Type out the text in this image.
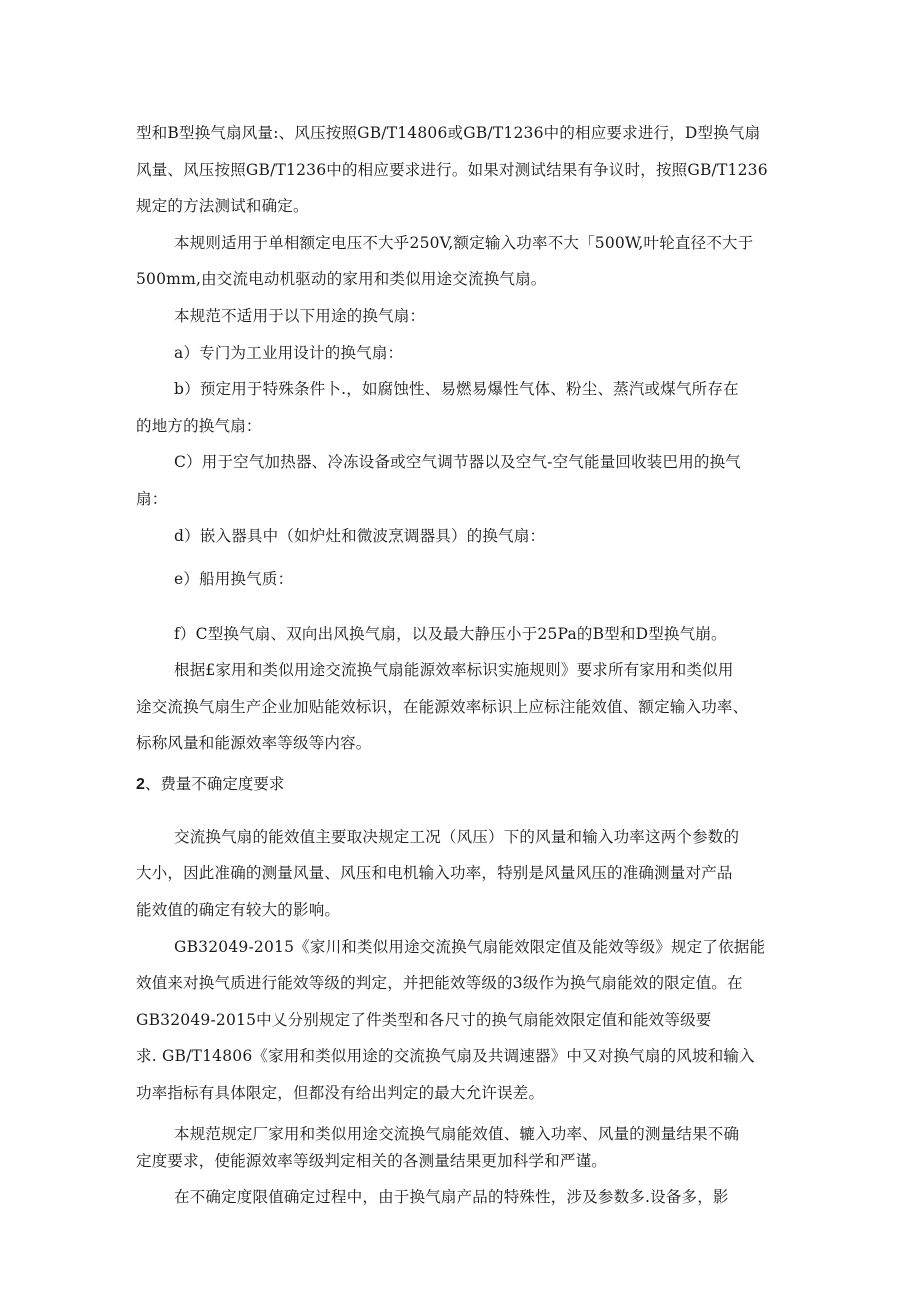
型和B型换气扇风量:、风压按照GB/T14806或GB/T1236中的相应要求进行，D型换气扇
风量、风压按照GB/T1236中的相应要求进行。如果对测试结果有争议时，按照GB/T1236
规定的方法测试和确定。
本规则适用于单相额定电压不大乎250V,额定输入功率不大「500W,叶轮直径不大于
500mm,由交流电动机驱动的家用和类似用途交流换气扇。
本规范不适用于以下用途的换气扇：
a）专门为工业用设计的换气扇：
b）预定用于特殊条件卜.，如腐蚀性、易燃易爆性气体、粉尘、蒸汽或煤气所存在
的地方的换气扇：
C）用于空气加热器、冷冻设备或空气调节器以及空气-空气能量回收装巴用的换气
扇：
d）嵌入器具中（如炉灶和微波烹调器具）的换气扇：
e）船用换气质：
f）C型换气扇、双向出风换气扇，以及最大静压小于25Pa的B型和D型换气崩。
根据£家用和类似用途交流换气扇能源效率标识实施规则》要求所有家用和类似用
途交流换气扇生产企业加贴能效标识，在能源效率标识上应标注能效值、额定输入功率、
标称风量和能源效率等级等内容。
2、费量不确定度要求
交流换气扇的能效值主要取决规定工况（风压）下的风量和输入功率这两个参数的
大小，因此准确的测量风量、风压和电机输入功率，特别是风量风压的准确测量对产品
能效值的确定有较大的影响。
GB32049-2015《家川和类似用途交流换气扇能效限定值及能效等级》规定了依据能
效值来对换气质进行能效等级的判定，并把能效等级的3级作为换气扇能效的限定值。在
GB32049-2015中乂分别规定了件类型和各尺寸的换气扇能效限定值和能效等级要
求. GB/T14806《家用和类似用途的交流换气扇及共调速器》中又对换气扇的风坡和输入
功率指标有具体限定，但都没有给出判定的最大允许误差。
本规范规定厂家用和类似用途交流换气扇能效值、辘入功率、风量的测量结果不确
定度要求，使能源效率等级判定相关的各测量结果更加科学和严谨。
在不确定度限值确定过程中，由于换气扇产品的特殊性，涉及参数多.设备多，影
